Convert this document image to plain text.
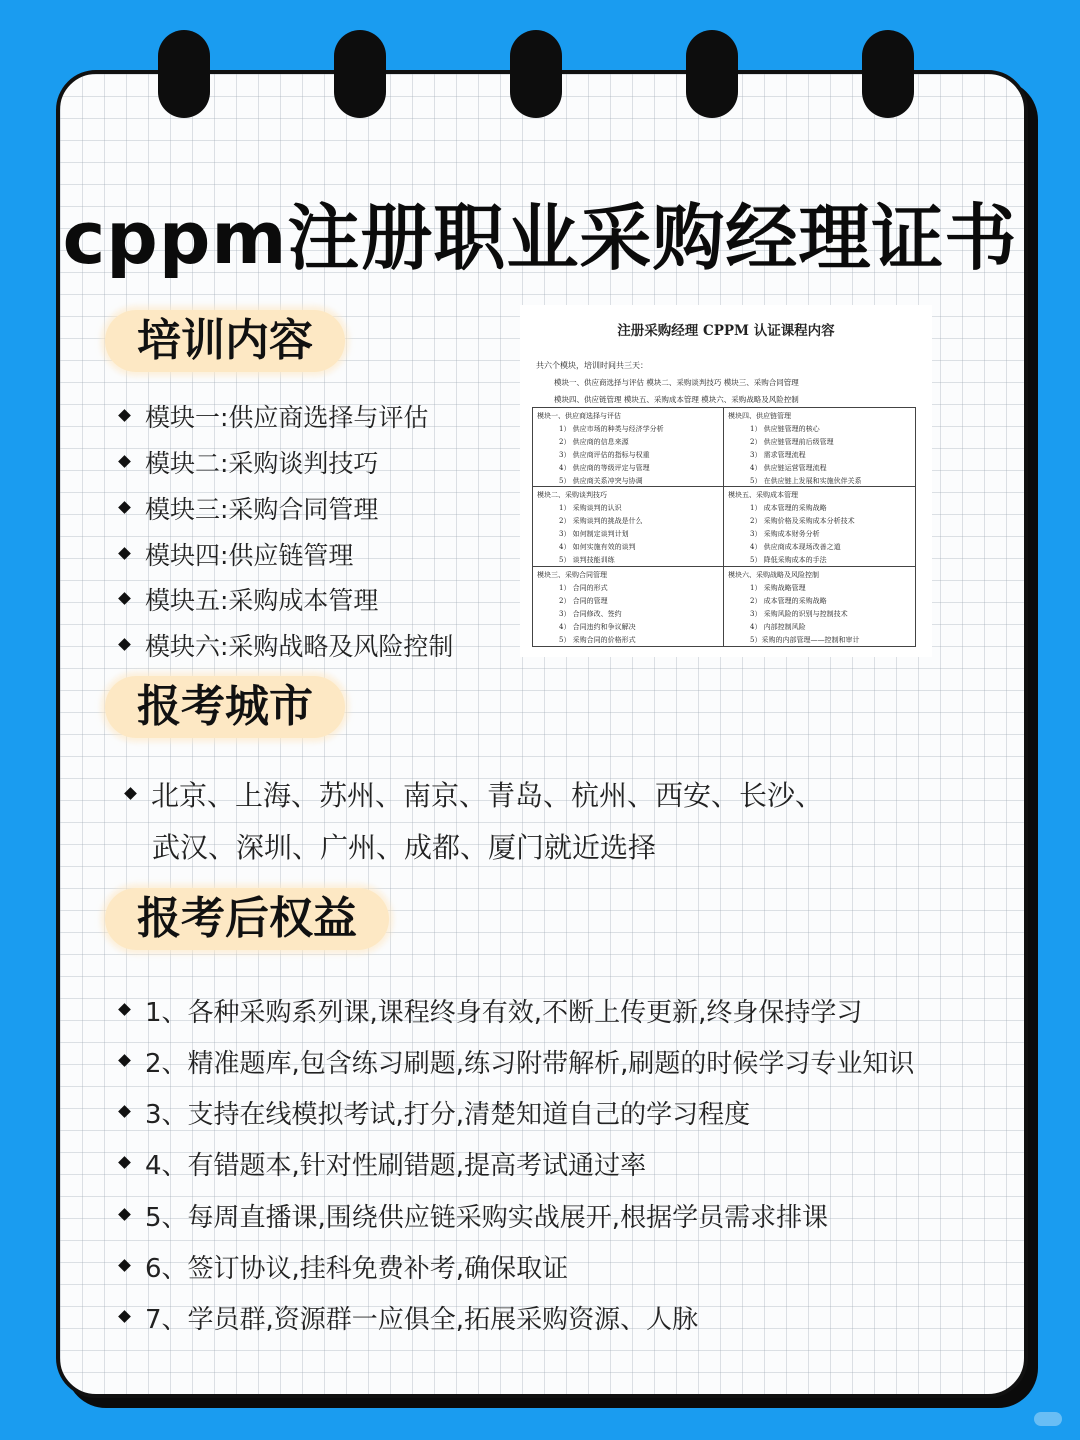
cppm注册职业采购经理证书
培训内容
模块一:供应商选择与评估
模块二:采购谈判技巧
模块三:采购合同管理
模块四:供应链管理
模块五:采购成本管理
模块六:采购战略及风险控制
注册采购经理 CPPM 认证课程内容
共六个模块，培训时间共三天：
模块一、供应商选择与评估 模块二、采购谈判技巧 模块三、采购合同管理
模块四、供应链管理 模块五、采购成本管理 模块六、采购战略及风险控制
模块一、供应商选择与评估
1） 供应市场的种类与经济学分析
2） 供应商的信息来源
3） 供应商评估的指标与权重
4） 供应商的等级评定与管理
5） 供应商关系冲突与协调
模块四、供应链管理
1） 供应链管理的核心
2） 供应链管理前后级管理
3） 需求管理流程
4） 供应链运营管理流程
5） 在供应链上发展和实施伙伴关系
模块二、采购谈判技巧
1） 采购谈判的认识
2） 采购谈判的挑战是什么
3） 如何制定谈判计划
4） 如何实施有效的谈判
5） 谈判技能训练
模块五、采购成本管理
1） 成本管理的采购战略
2） 采购价格及采购成本分析技术
3） 采购成本财务分析
4） 供应商成本现场改善之道
5） 降低采购成本的手法
模块三、采购合同管理
1） 合同的形式
2） 合同的管理
3） 合同修改、签约
4） 合同违约和争议解决
5） 采购合同的价格形式
模块六、采购战略及风险控制
1） 采购战略管理
2） 成本管理的采购战略
3） 采购风险的识别与控制技术
4） 内部控制风险
5）采购的内部管理——控制和审计
报考城市
北京、上海、苏州、南京、青岛、杭州、西安、长沙、
武汉、深圳、广州、成都、厦门就近选择
报考后权益
1、各种采购系列课,课程终身有效,不断上传更新,终身保持学习
2、精准题库,包含练习刷题,练习附带解析,刷题的时候学习专业知识
3、支持在线模拟考试,打分,清楚知道自己的学习程度
4、有错题本,针对性刷错题,提高考试通过率
5、每周直播课,围绕供应链采购实战展开,根据学员需求排课
6、签订协议,挂科免费补考,确保取证
7、学员群,资源群一应俱全,拓展采购资源、人脉
